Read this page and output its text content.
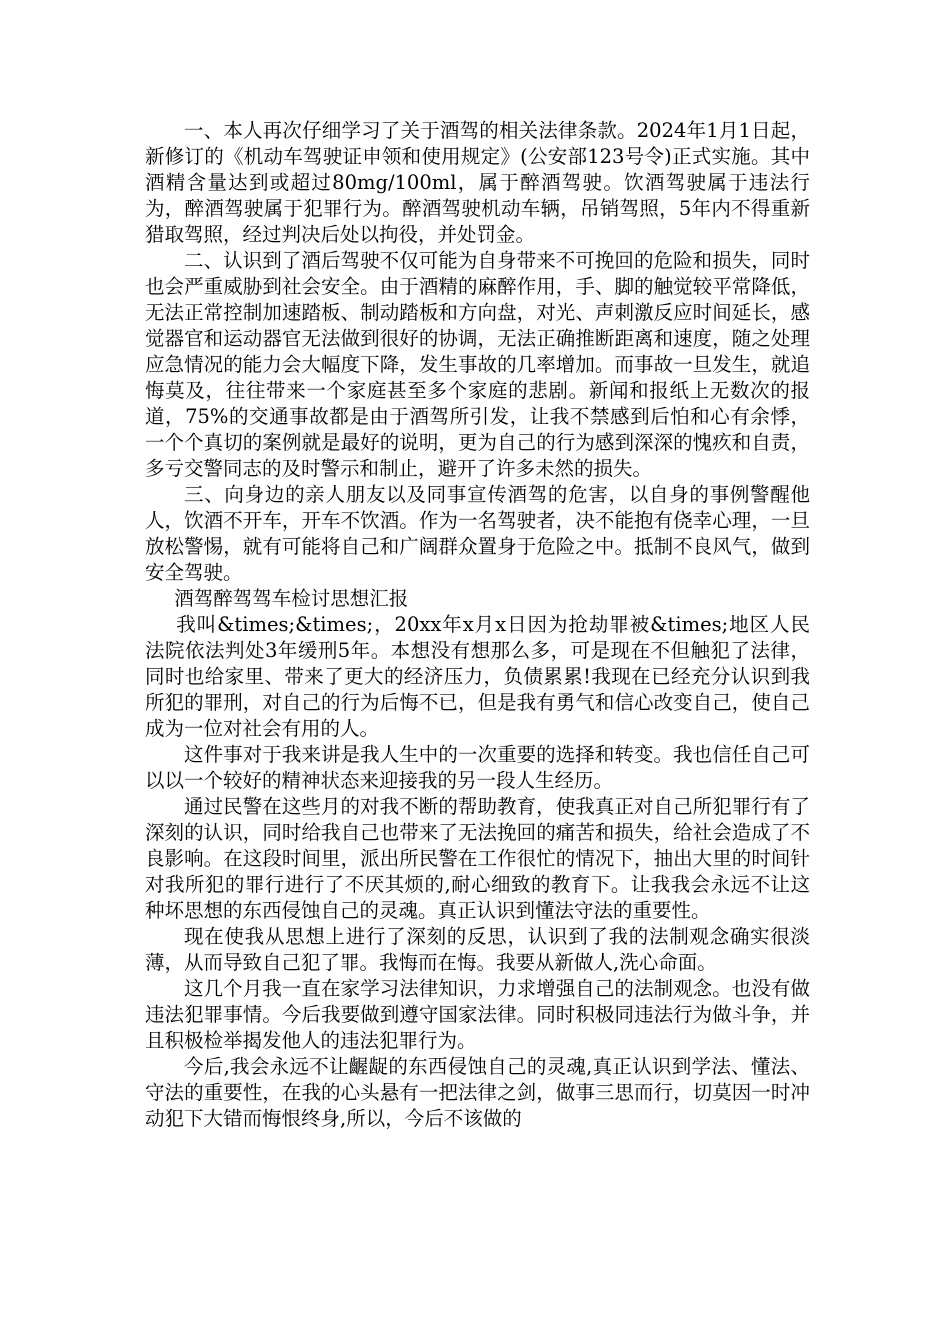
一、本人再次仔细学习了关于酒驾的相关法律条款。2024年1月1日起，新修订的《机动车驾驶证申领和使用规定》(公安部123号令)正式实施。其中酒精含量达到或超过80mg/100ml，属于醉酒驾驶。饮酒驾驶属于违法行为，醉酒驾驶属于犯罪行为。醉酒驾驶机动车辆，吊销驾照，5年内不得重新猎取驾照，经过判决后处以拘役，并处罚金。

二、认识到了酒后驾驶不仅可能为自身带来不可挽回的危险和损失，同时也会严重威胁到社会安全。由于酒精的麻醉作用，手、脚的触觉较平常降低，无法正常控制加速踏板、制动踏板和方向盘，对光、声刺激反应时间延长，感觉器官和运动器官无法做到很好的协调，无法正确推断距离和速度，随之处理应急情况的能力会大幅度下降，发生事故的几率增加。而事故一旦发生，就追悔莫及，往往带来一个家庭甚至多个家庭的悲剧。新闻和报纸上无数次的报道，75%的交通事故都是由于酒驾所引发，让我不禁感到后怕和心有余悸，一个个真切的案例就是最好的说明，更为自己的行为感到深深的愧疚和自责，多亏交警同志的及时警示和制止，避开了许多未然的损失。

三、向身边的亲人朋友以及同事宣传酒驾的危害，以自身的事例警醒他人，饮酒不开车，开车不饮酒。作为一名驾驶者，决不能抱有侥幸心理，一旦放松警惕，就有可能将自己和广阔群众置身于危险之中。抵制不良风气，做到安全驾驶。

酒驾醉驾驾车检讨思想汇报

我叫&times;&times;，20xx年x月x日因为抢劫罪被&times;地区人民法院依法判处3年缓刑5年。本想没有想那么多，可是现在不但触犯了法律，同时也给家里、带来了更大的经济压力，负债累累!我现在已经充分认识到我所犯的罪刑，对自己的行为后悔不已，但是我有勇气和信心改变自己，使自己成为一位对社会有用的人。

这件事对于我来讲是我人生中的一次重要的选择和转变。我也信任自己可以以一个较好的精神状态来迎接我的另一段人生经历。

通过民警在这些月的对我不断的帮助教育，使我真正对自己所犯罪行有了深刻的认识，同时给我自己也带来了无法挽回的痛苦和损失，给社会造成了不良影响。在这段时间里，派出所民警在工作很忙的情况下，抽出大里的时间针对我所犯的罪行进行了不厌其烦的,耐心细致的教育下。让我我会永远不让这种坏思想的东西侵蚀自己的灵魂。真正认识到懂法守法的重要性。

现在使我从思想上进行了深刻的反思，认识到了我的法制观念确实很淡薄，从而导致自己犯了罪。我悔而在悔。我要从新做人,洗心命面。

这几个月我一直在家学习法律知识，力求增强自己的法制观念。也没有做违法犯罪事情。今后我要做到遵守国家法律。同时积极同违法行为做斗争，并且积极检举揭发他人的违法犯罪行为。

今后,我会永远不让齷龊的东西侵蚀自己的灵魂,真正认识到学法、懂法、守法的重要性，在我的心头悬有一把法律之剑，做事三思而行，切莫因一时冲动犯下大错而悔恨终身,所以，今后不该做的
